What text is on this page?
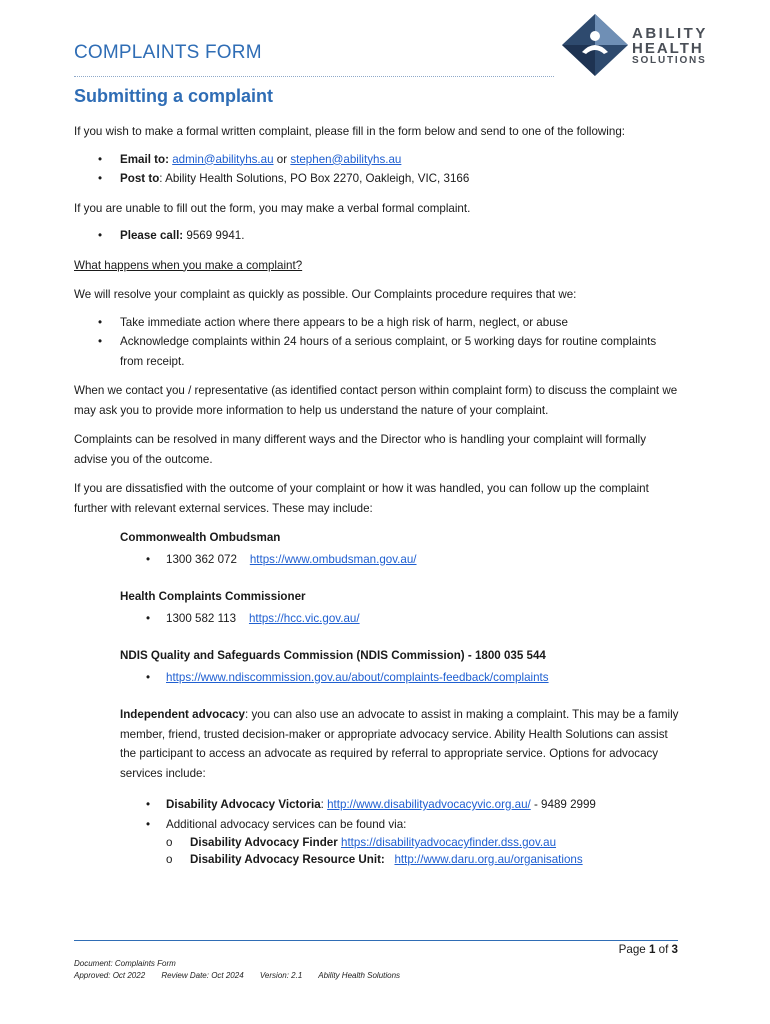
COMPLAINTS FORM
ABILITY
HEALTH
SOLUTIONS
Submitting a complaint

If you wish to make a formal written complaint, please fill in the form below and send to one of the following:

• Email to: admin@abilityhs.au or stephen@abilityhs.au
• Post to: Ability Health Solutions, PO Box 2270, Oakleigh, VIC, 3166

If you are unable to fill out the form, you may make a verbal formal complaint.

• Please call: 9569 9941.

What happens when you make a complaint?

We will resolve your complaint as quickly as possible. Our Complaints procedure requires that we:

• Take immediate action where there appears to be a high risk of harm, neglect, or abuse
• Acknowledge complaints within 24 hours of a serious complaint, or 5 working days for routine complaints from receipt.

When we contact you / representative (as identified contact person within complaint form) to discuss the complaint we may ask you to provide more information to help us understand the nature of your complaint.

Complaints can be resolved in many different ways and the Director who is handling your complaint will formally advise you of the outcome.

If you are dissatisfied with the outcome of your complaint or how it was handled, you can follow up the complaint further with relevant external services. These may include:

Commonwealth Ombudsman

• 1300 362 072 https://www.ombudsman.gov.au/

Health Complaints Commissioner

• 1300 582 113 https://hcc.vic.gov.au/

NDIS Quality and Safeguards Commission (NDIS Commission) - 1800 035 544

• https://www.ndiscommission.gov.au/about/complaints-feedback/complaints

Independent advocacy: you can also use an advocate to assist in making a complaint. This may be a family member, friend, trusted decision-maker or appropriate advocacy service. Ability Health Solutions can assist the participant to access an advocate as required by referral to appropriate service. Options for advocacy services include:

• Disability Advocacy Victoria: http://www.disabilityadvocacyvic.org.au/ - 9489 2999
• Additional advocacy services can be found via:
o Disability Advocacy Finder https://disabilityadvocacyfinder.dss.gov.au
o Disability Advocacy Resource Unit: http://www.daru.org.au/organisations
Page 1 of 3
Document: Complaints Form
Approved: Oct 2022 Review Date: Oct 2024 Version: 2.1 Ability Health Solutions
